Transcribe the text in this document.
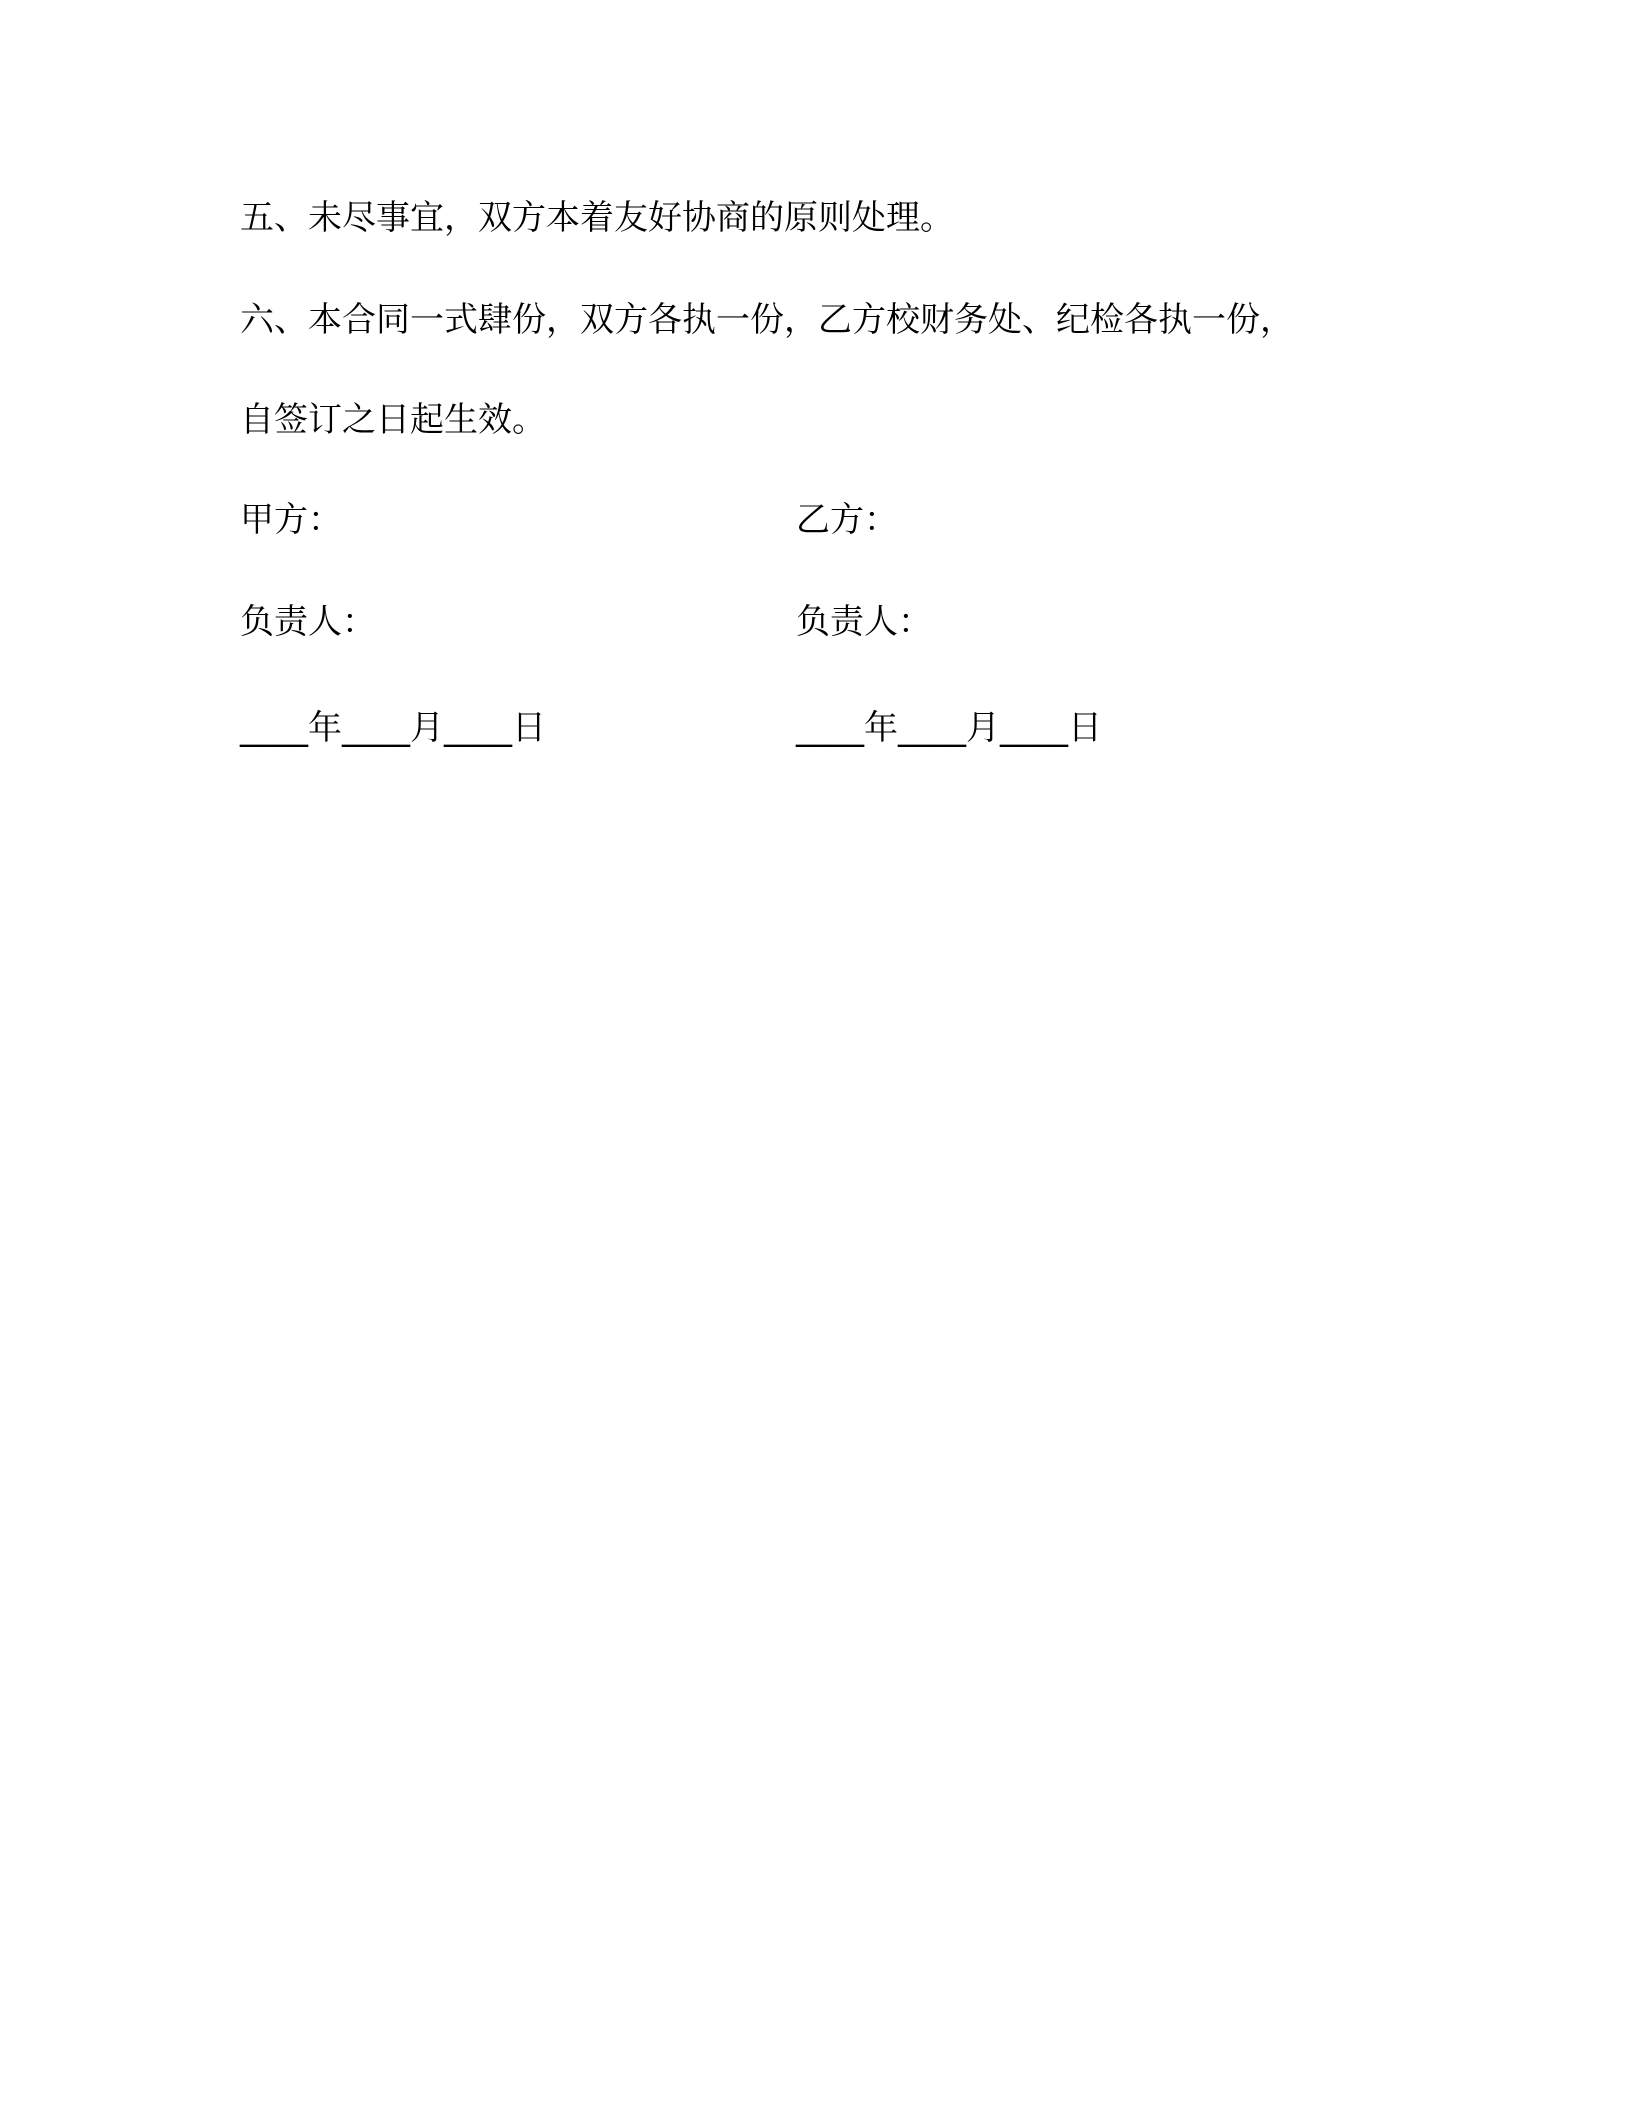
五、未尽事宜，双方本着友好协商的原则处理。
六、本合同一式肆份，双方各执一份，乙方校财务处、纪检各执一份，
自签订之日起生效。
甲方：	乙方：
负责人：	负责人：
____年____月____日	____年____月____日
